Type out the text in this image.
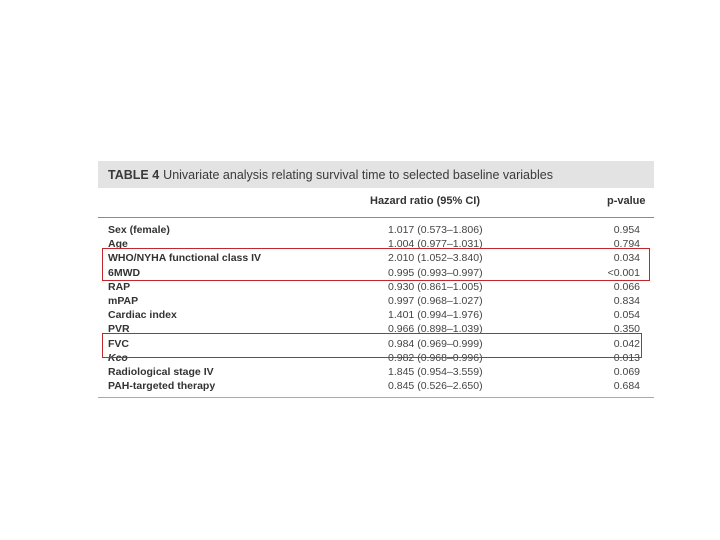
TABLE 4 Univariate analysis relating survival time to selected baseline variables
Hazard ratio (95% CI)	p-value
Sex (female)	1.017 (0.573–1.806)	0.954
Age	1.004 (0.977–1.031)	0.794
WHO/NYHA functional class IV	2.010 (1.052–3.840)	0.034
6MWD	0.995 (0.993–0.997)	<0.001
RAP	0.930 (0.861–1.005)	0.066
mPAP	0.997 (0.968–1.027)	0.834
Cardiac index	1.401 (0.994–1.976)	0.054
PVR	0.966 (0.898–1.039)	0.350
FVC	0.984 (0.969–0.999)	0.042
Kco	0.982 (0.968–0.996)	0.013
Radiological stage IV	1.845 (0.954–3.559)	0.069
PAH-targeted therapy	0.845 (0.526–2.650)	0.684
